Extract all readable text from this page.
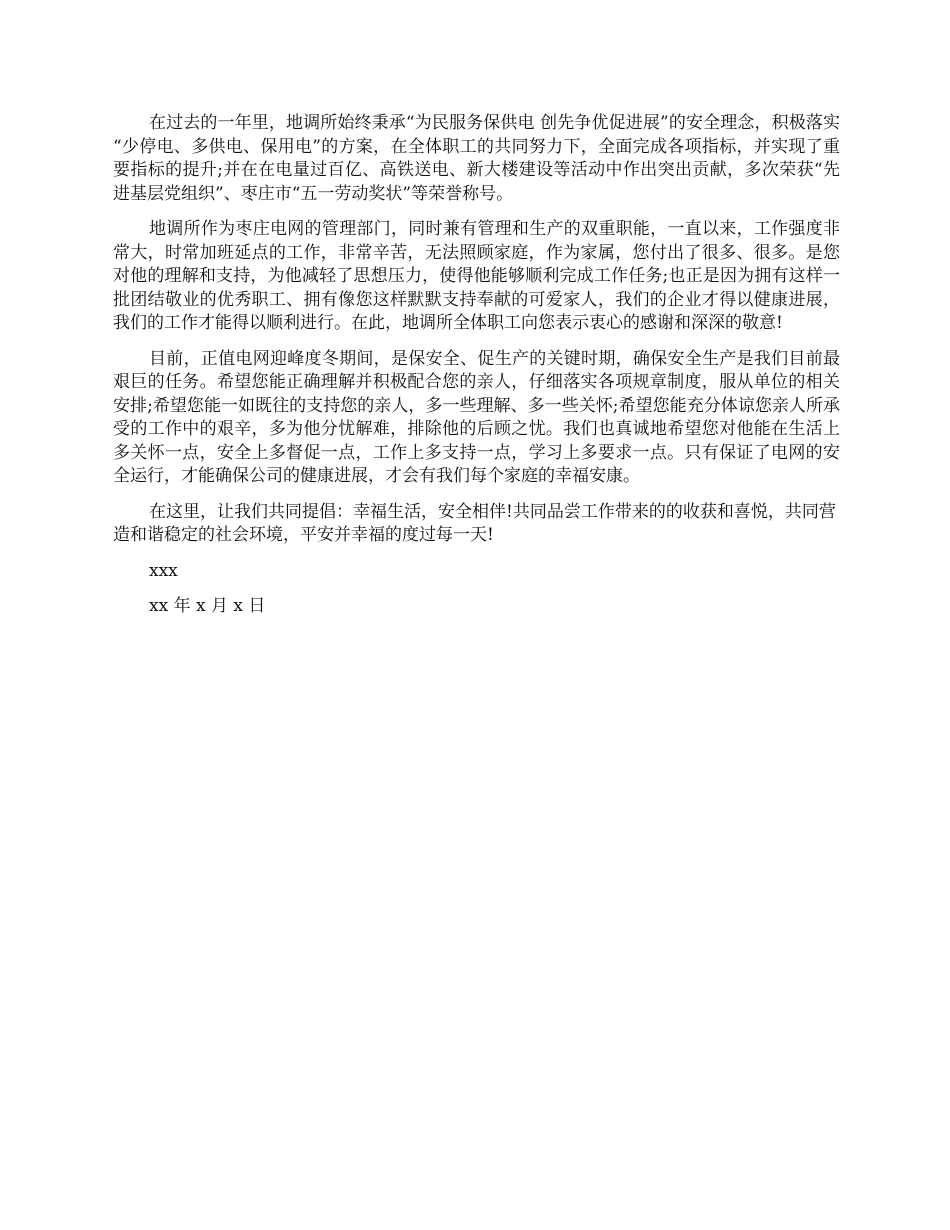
在过去的一年里，地调所始终秉承“为民服务保供电 创先争优促进展”的安全理念，积极落实 “少停电、多供电、保用电”的方案，在全体职工的共同努力下，全面完成各项指标，并实现了重要指标的提升;并在在电量过百亿、高铁送电、新大楼建设等活动中作出突出贡献，多次荣获“先进基层党组织”、枣庄市“五一劳动奖状”等荣誉称号。

地调所作为枣庄电网的管理部门，同时兼有管理和生产的双重职能，一直以来，工作强度非常大，时常加班延点的工作，非常辛苦，无法照顾家庭，作为家属，您付出了很多、很多。是您对他的理解和支持，为他减轻了思想压力，使得他能够顺利完成工作任务;也正是因为拥有这样一批团结敬业的优秀职工、拥有像您这样默默支持奉献的可爱家人，我们的企业才得以健康进展，我们的工作才能得以顺利进行。在此，地调所全体职工向您表示衷心的感谢和深深的敬意!

目前，正值电网迎峰度冬期间，是保安全、促生产的关键时期，确保安全生产是我们目前最艰巨的任务。希望您能正确理解并积极配合您的亲人，仔细落实各项规章制度，服从单位的相关安排;希望您能一如既往的支持您的亲人，多一些理解、多一些关怀;希望您能充分体谅您亲人所承受的工作中的艰辛，多为他分忧解难，排除他的后顾之忧。我们也真诚地希望您对他能在生活上多关怀一点，安全上多督促一点，工作上多支持一点，学习上多要求一点。只有保证了电网的安全运行，才能确保公司的健康进展，才会有我们每个家庭的幸福安康。

在这里，让我们共同提倡：幸福生活，安全相伴!共同品尝工作带来的的收获和喜悦，共同营造和谐稳定的社会环境，平安并幸福的度过每一天!

xxx

xx 年 x 月 x 日
